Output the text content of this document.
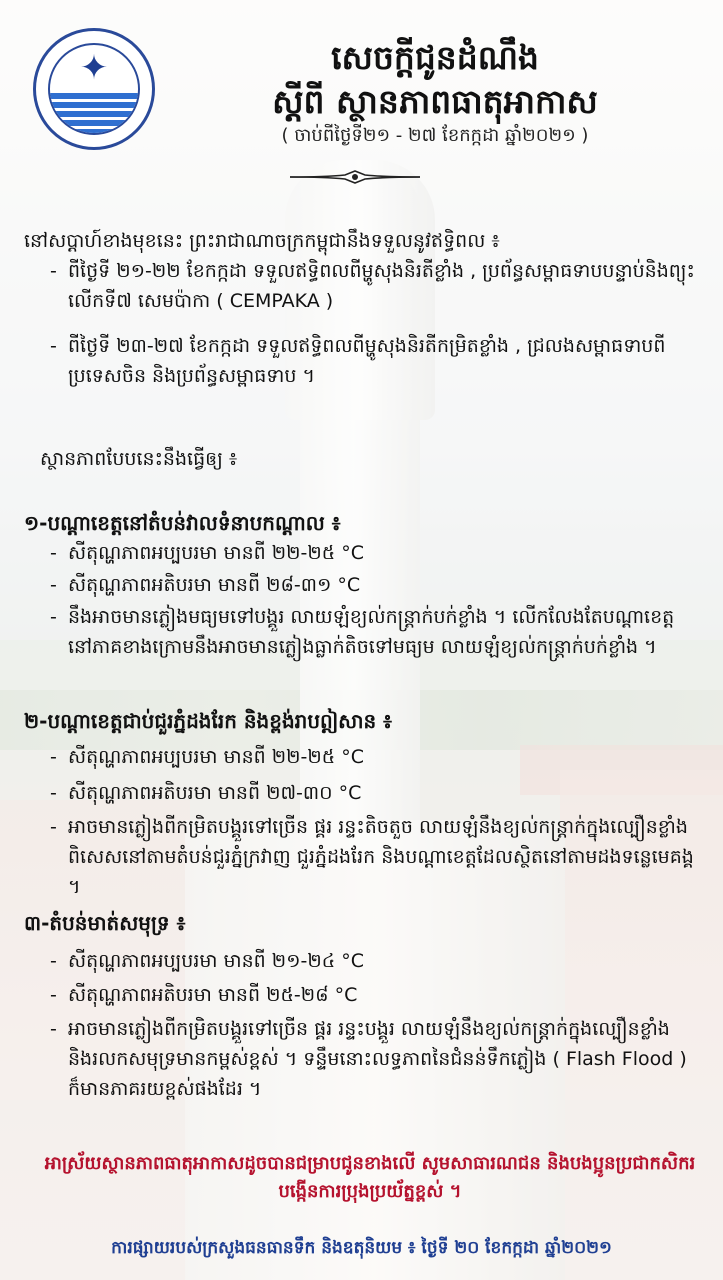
✦	សេចក្តីជូនដំណឹង
ស្តីពី ស្ថានភាពធាតុអាកាស
( ចាប់ពីថ្ងៃទី២១ - ២៧ ខែកក្កដា ឆ្នាំ២០២១ )
នៅសប្តាហ៍ខាងមុខនេះ ព្រះរាជាណាចក្រកម្ពុជានឹងទទួលនូវឥទ្ធិពល ៖
- ពីថ្ងៃទី ២១-២២ ខែកក្កដា ទទួលឥទ្ធិពលពីម្ហូសុងនិរតីខ្លាំង , ប្រព័ន្ធសម្ពាធទាបបន្ទាប់និងព្យុះលើកទី៧ សេមប៉ាកា ( CEMPAKA )
- ពីថ្ងៃទី ២៣-២៧ ខែកក្កដា ទទួលឥទ្ធិពលពីម្ហូសុងនិរតីកម្រិតខ្លាំង , ជ្រលងសម្ពាធទាបពីប្រទេសចិន និងប្រព័ន្ធសម្ពាធទាប ។
ស្ថានភាពបែបនេះនឹងធ្វើឲ្យ ៖
១-បណ្តាខេត្តនៅតំបន់វាលទំនាបកណ្តាល ៖
- សីតុណ្ហភាពអប្បបរមា មានពី ២២-២៥ °C
- សីតុណ្ហភាពអតិបរមា មានពី ២៨-៣១ °C
- នឹងអាចមានភ្លៀងមធ្យមទៅបង្គួរ លាយឡំខ្យល់កន្ត្រាក់បក់ខ្លាំង ។ លើកលែងតែបណ្តាខេត្តនៅភាគខាងក្រោមនឹងអាចមានភ្លៀងធ្លាក់តិចទៅមធ្យម លាយឡំខ្យល់កន្ត្រាក់បក់ខ្លាំង ។
២-បណ្តាខេត្តជាប់ជួរភ្នំដងរែក និងខ្ពង់រាបឦសាន ៖
- សីតុណ្ហភាពអប្បបរមា មានពី ២២-២៥ °C
- សីតុណ្ហភាពអតិបរមា មានពី ២៧-៣០ °C
- អាចមានភ្លៀងពីកម្រិតបង្គួរទៅច្រើន ផ្គរ រន្ទះតិចតួច លាយឡំនឹងខ្យល់កន្ត្រាក់ក្នុងល្បឿនខ្លាំងពិសេសនៅតាមតំបន់ជួរភ្នំក្រវាញ ជួរភ្នំដងរែក និងបណ្តាខេត្តដែលស្ថិតនៅតាមដងទន្លេមេគង្គ ។
៣-តំបន់មាត់សមុទ្រ ៖
- សីតុណ្ហភាពអប្បបរមា មានពី ២១-២៤ °C
- សីតុណ្ហភាពអតិបរមា មានពី ២៥-២៨ °C
- អាចមានភ្លៀងពីកម្រិតបង្គួរទៅច្រើន ផ្គរ រន្ទះបង្គួរ លាយឡំនឹងខ្យល់កន្ត្រាក់ក្នុងល្បឿនខ្លាំង និងរលកសមុទ្រមានកម្ពស់ខ្ពស់ ។ ទន្ទឹមនោះលទ្ធភាពនៃជំនន់ទឹកភ្លៀង ( Flash Flood ) ក៏មានភាគរយខ្ពស់ផងដែរ ។
អាស្រ័យស្ថានភាពធាតុអាកាសដូចបានជម្រាបជូនខាងលើ សូមសាធារណជន និងបងប្អូនប្រជាកសិករបង្កើនការប្រុងប្រយ័ត្នខ្ពស់ ។
ការផ្សាយរបស់ក្រសួងធនធានទឹក និងឧតុនិយម ៖ ថ្ងៃទី ២០ ខែកក្កដា ឆ្នាំ២០២១
